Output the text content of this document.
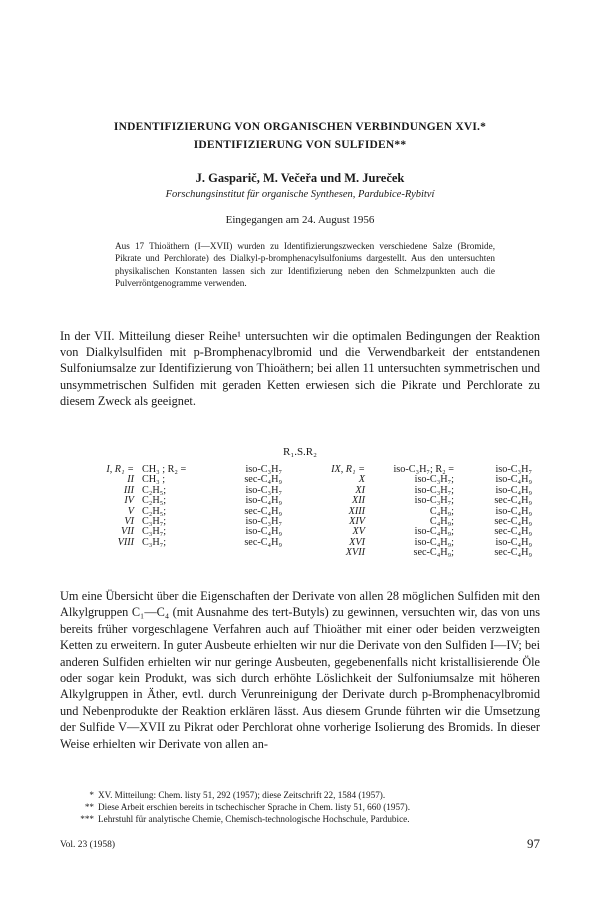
INDENTIFIZIERUNG VON ORGANISCHEN VERBINDUNGEN XVI.*
IDENTIFIZIERUNG VON SULFIDEN**
J. Gasparič, M. Večeřa und M. Jureček
Forschungsinstitut für organische Synthesen, Pardubice-Rybitví
Eingegangen am 24. August 1956

Aus 17 Thioäthern (I—XVII) wurden zu Identifizierungszwecken verschiedene Salze (Bromide, Pikrate und Perchlorate) des Dialkyl-p-bromphenacylsulfoniums dargestellt. Aus den untersuchten physikalischen Konstanten lassen sich zur Identifizierung neben den Schmelzpunkten auch die Pulverröntgenogramme verwenden.

In der VII. Mitteilung dieser Reihe¹ untersuchten wir die optimalen Bedingungen der Reaktion von Dialkylsulfiden mit p-Bromphenacylbromid und die Verwendbarkeit der entstandenen Sulfoniumsalze zur Identifizierung von Thioäthern; bei allen 11 untersuchten symmetrischen und unsymmetrischen Sulfiden mit geraden Ketten erwiesen sich die Pikrate und Perchlorate zu diesem Zweck als geeignet.

R₁.S.R₂
I, R₁ = CH₃ ; R₂ =	iso-C₃H₇	IX, R₁ =	iso-C₃H₇; R₂ =	iso-C₃H₇
II CH₃ ;	sec-C₄H₉	X	iso-C₃H₇;	iso-C₄H₉
III C₂H₅;	iso-C₃H₇	XI	iso-C₃H₇;	iso-C₄H₉
IV C₂H₅;	iso-C₄H₉	XII	iso-C₃H₇;	sec-C₄H₉
V C₂H₅;	sec-C₄H₉	XIII	C₄H₉;	iso-C₄H₉
VI C₃H₇;	iso-C₃H₇	XIV	C₄H₉;	sec-C₄H₉
VII C₃H₇;	iso-C₄H₉	XV	iso-C₄H₉;	sec-C₄H₉
VIII C₃H₇;	sec-C₄H₉	XVI	iso-C₄H₉;	iso-C₄H₉
XVII	sec-C₄H₉;	sec-C₄H₉

Um eine Übersicht über die Eigenschaften der Derivate von allen 28 möglichen Sulfiden mit den Alkylgruppen C₁—C₄ (mit Ausnahme des tert-Butyls) zu gewinnen, versuchten wir, das von uns bereits früher vorgeschlagene Verfahren auch auf Thioäther mit einer oder beiden verzweigten Ketten zu erweitern. In guter Ausbeute erhielten wir nur die Derivate von den Sulfiden I—IV; bei anderen Sulfiden erhielten wir nur geringe Ausbeuten, gegebenenfalls nicht kristallisierende Öle oder sogar kein Produkt, was sich durch erhöhte Löslichkeit der Sulfoniumsalze mit höheren Alkylgruppen in Äther, evtl. durch Verunreinigung der Derivate durch p-Bromphenacylbromid und Nebenprodukte der Reaktion erklären lässt. Aus diesem Grunde führten wir die Umsetzung der Sulfide V—XVII zu Pikrat oder Perchlorat ohne vorherige Isolierung des Bromids. In dieser Weise erhielten wir Derivate von allen an-

* XV. Mitteilung: Chem. listy 51, 292 (1957); diese Zeitschrift 22, 1584 (1957).

** Diese Arbeit erschien bereits in tschechischer Sprache in Chem. listy 51, 660 (1957).

*** Lehrstuhl für analytische Chemie, Chemisch-technologische Hochschule, Pardubice.

Vol. 23 (1958)	97
